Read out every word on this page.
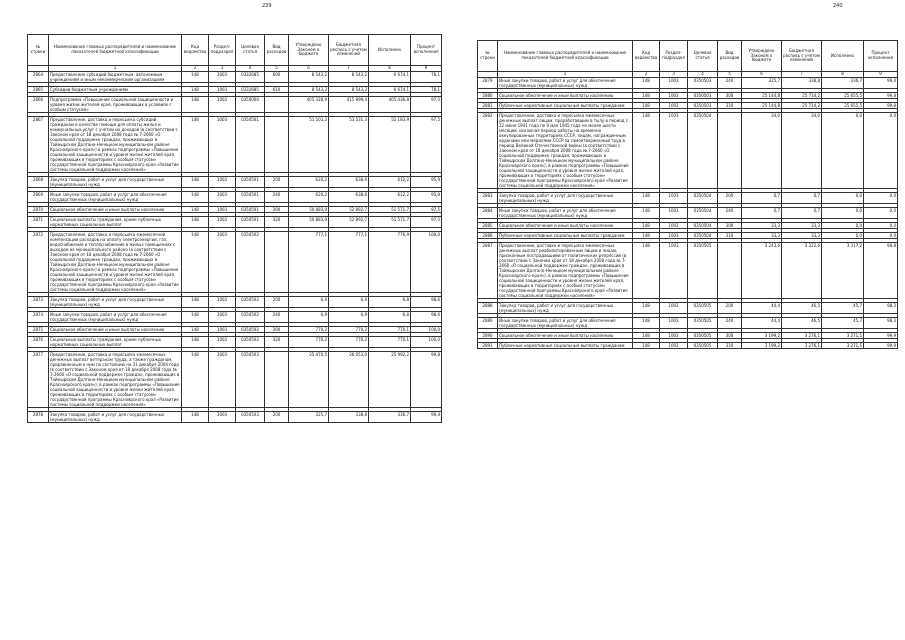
239
№ строки	Наименование главных распорядителей и наименование показателей бюджетной классификации	Код ведомства	Раздел-подраздел	Целевая статья	Вид расходов	Утверждено Законом о бюджете	Бюджетная роспись с учетом изменений	Исполнено	Процент исполнения
	1	2	3	4	5	6	7	8	9
2864	Предоставление субсидий бюджетным, автономным учреждениям и иным некоммерческим организациям	148	1003	0332685	600	8 543,2	8 543,2	6 674,1	78,1

2865	Субсидии бюджетным учреждениям	148	1003	0332685	610	8 543,2	8 543,2	6 674,1	78,1

2866	Подпрограмма «Повышение социальной защищенности и уровня жизни жителей края, проживающих в условиях с особым статусом»	148	1003	0350000		405 328,9	415 899,4	405 436,8	97,5

2867	Предоставление, доставка и пересылка субсидий гражданам в качестве помощи для оплаты жилья и коммунальных услуг с учетом их доходов (в соответствии с Законом края от 18 декабря 2008 года № 7-2660 «О социальной поддержке граждан, проживающих в Таймырском Долгано-Ненецком муниципальном районе Красноярского края») в рамках подпрограммы «Повышение социальной защищенности и уровня жизни жителей края, проживающих в территориях с особым статусом» государственной программы Красноярского края «Развитие системы социальной поддержки населения»	148	1003	0350501		51 503,2	53 531,3	52 183,9	97,5

2868	Закупка товаров, работ и услуг для государственных (муниципальных) нужд	148	1003	0350501	200	620,2	638,6	612,2	95,9

2869	Иные закупки товаров, работ и услуг для обеспечения государственных (муниципальных) нужд	148	1003	0350501	240	620,2	638,6	612,2	95,9

2870	Социальное обеспечение и иные выплаты населению	148	1003	0350501	300	50 883,0	52 892,7	51 571,7	97,5

2871	Социальные выплаты гражданам, кроме публичных нормативных социальных выплат	148	1003	0350501	320	50 883,0	52 892,7	51 571,7	97,5

2872	Предоставление, доставка и пересылка ежемесячной компенсации расходов на оплату электроэнергии, газ, водоснабжение и теплоснабжение в жилых помещениях с выходом из муниципального района (в соответствии с Законом края от 18 декабря 2008 года № 7-2660 «О социальной поддержке граждан, проживающих в Таймырском Долгано-Ненецком муниципальном районе Красноярского края») в рамках подпрограммы «Повышение социальной защищенности и уровня жизни жителей края, проживающих в территориях с особым статусом» государственной программы Красноярского края «Развитие системы социальной поддержки населения»	148	1003	0350502		777,1	777,1	776,9	100,0

2873	Закупка товаров, работ и услуг для государственных (муниципальных) нужд	148	1003	0350502	200	6,9	6,9	6,8	98,6

2874	Иные закупки товаров, работ и услуг для обеспечения государственных (муниципальных) нужд	148	1003	0350502	240	6,9	6,9	6,8	98,6

2875	Социальное обеспечение и иные выплаты населению	148	1003	0350502	300	770,2	770,2	770,1	100,0

2876	Социальные выплаты гражданам, кроме публичных нормативных социальных выплат	148	1003	0350502	320	770,2	770,2	770,1	100,0

2877	Предоставление, доставка и пересылка ежемесячных денежных выплат ветеранам труда, а также гражданам, приравненным к ним по состоянию на 31 декабря 2004 года (в соответствии с Законом края от 18 декабря 2008 года № 7-2660 «О социальной поддержке граждан, проживающих в Таймырском Долгано-Ненецком муниципальном районе Красноярского края»), в рамках подпрограммы «Повышение социальной защищенности и уровня жизни жителей края, проживающих в территориях с особым статусом» государственной программы Красноярского края «Развитие системы социальной поддержки населения»	148	1003	0350503		25 470,5	26 053,0	25 992,2	99,8

2878	Закупка товаров, работ и услуг для государственных (муниципальных) нужд	148	1003	0350503	200	325,7	338,8	336,7	99,4
240
№ строки	Наименование главных распорядителей и наименование показателей бюджетной классификации	Код ведомства	Раздел-подраздел	Целевая статья	Вид расходов	Утверждено Законом о бюджете	Бюджетная роспись с учетом изменений	Исполнено	Процент исполнения
	1	2	3	4	5	6	7	8	9
2879	Иные закупки товаров, работ и услуг для обеспечения государственных (муниципальных) нужд	148	1003	0350503	240	325,7	338,8	336,7	99,4

2880	Социальное обеспечение и иные выплаты населению	148	1003	0350503	300	25 144,8	25 714,2	25 655,5	99,8

2881	Публичные нормативные социальные выплаты гражданам	148	1003	0350503	310	25 144,8	25 714,2	25 655,5	99,8

2882	Предоставление, доставка и пересылка ежемесячных денежных выплат лицам, проработавшим в тылу в период с 22 июня 1941 года по 9 мая 1945 года не менее шести месяцев, исключая период работы на временно оккупированных территориях СССР, лицам, награжденным орденами или медалями СССР за самоотверженный труд в период Великой Отечественной войны (в соответствии с Законом края от 18 декабря 2008 года № 7-2660 «О социальной поддержке граждан, проживающих в Таймырском Долгано-Ненецком муниципальном районе Красноярского края»), в рамках подпрограммы «Повышение социальной защищенности и уровня жизни жителей края, проживающих в территориях с особым статусом» государственной программы Красноярского края «Развитие системы социальной поддержки населения»	148	1003	0350504		34,0	34,0	0,0	0,0

2883	Закупка товаров, работ и услуг для государственных (муниципальных) нужд	148	1003	0350504	200	0,7	0,7	0,0	0,0

2884	Иные закупки товаров, работ и услуг для обеспечения государственных (муниципальных) нужд	148	1003	0350504	240	0,7	0,7	0,0	0,0

2885	Социальное обеспечение и иные выплаты населению	148	1003	0350504	300	33,3	33,3	0,0	0,0

2886	Публичные нормативные социальные выплаты гражданам	148	1003	0350504	310	33,3	33,3	0,0	0,0

2887	Предоставление, доставка и пересылка ежемесячных денежных выплат реабилитированным лицам и лицам, признанным пострадавшими от политических репрессий (в соответствии с Законом края от 18 декабря 2008 года № 7-2660 «О социальной поддержке граждан, проживающих в Таймырском Долгано-Ненецком муниципальном районе Красноярского края»), в рамках подпрограммы «Повышение социальной защищенности и уровня жизни жителей края, проживающих в территориях с особым статусом» государственной программы Красноярского края «Развитие системы социальной поддержки населения»	148	1003	0350505		3 243,6	3 322,6	3 317,2	99,8

2888	Закупка товаров, работ и услуг для государственных (муниципальных) нужд	148	1003	0350505	200	44,4	46,5	45,7	98,3

2889	Иные закупки товаров, работ и услуг для обеспечения государственных (муниципальных) нужд	148	1003	0350505	240	44,4	46,5	45,7	98,3

2890	Социальное обеспечение и иные выплаты населению	148	1003	0350505	300	3 199,2	3 276,1	3 271,5	99,9

2891	Публичные нормативные социальные выплаты гражданам	148	1003	0350505	310	3 199,2	3 276,1	3 271,5	99,9
